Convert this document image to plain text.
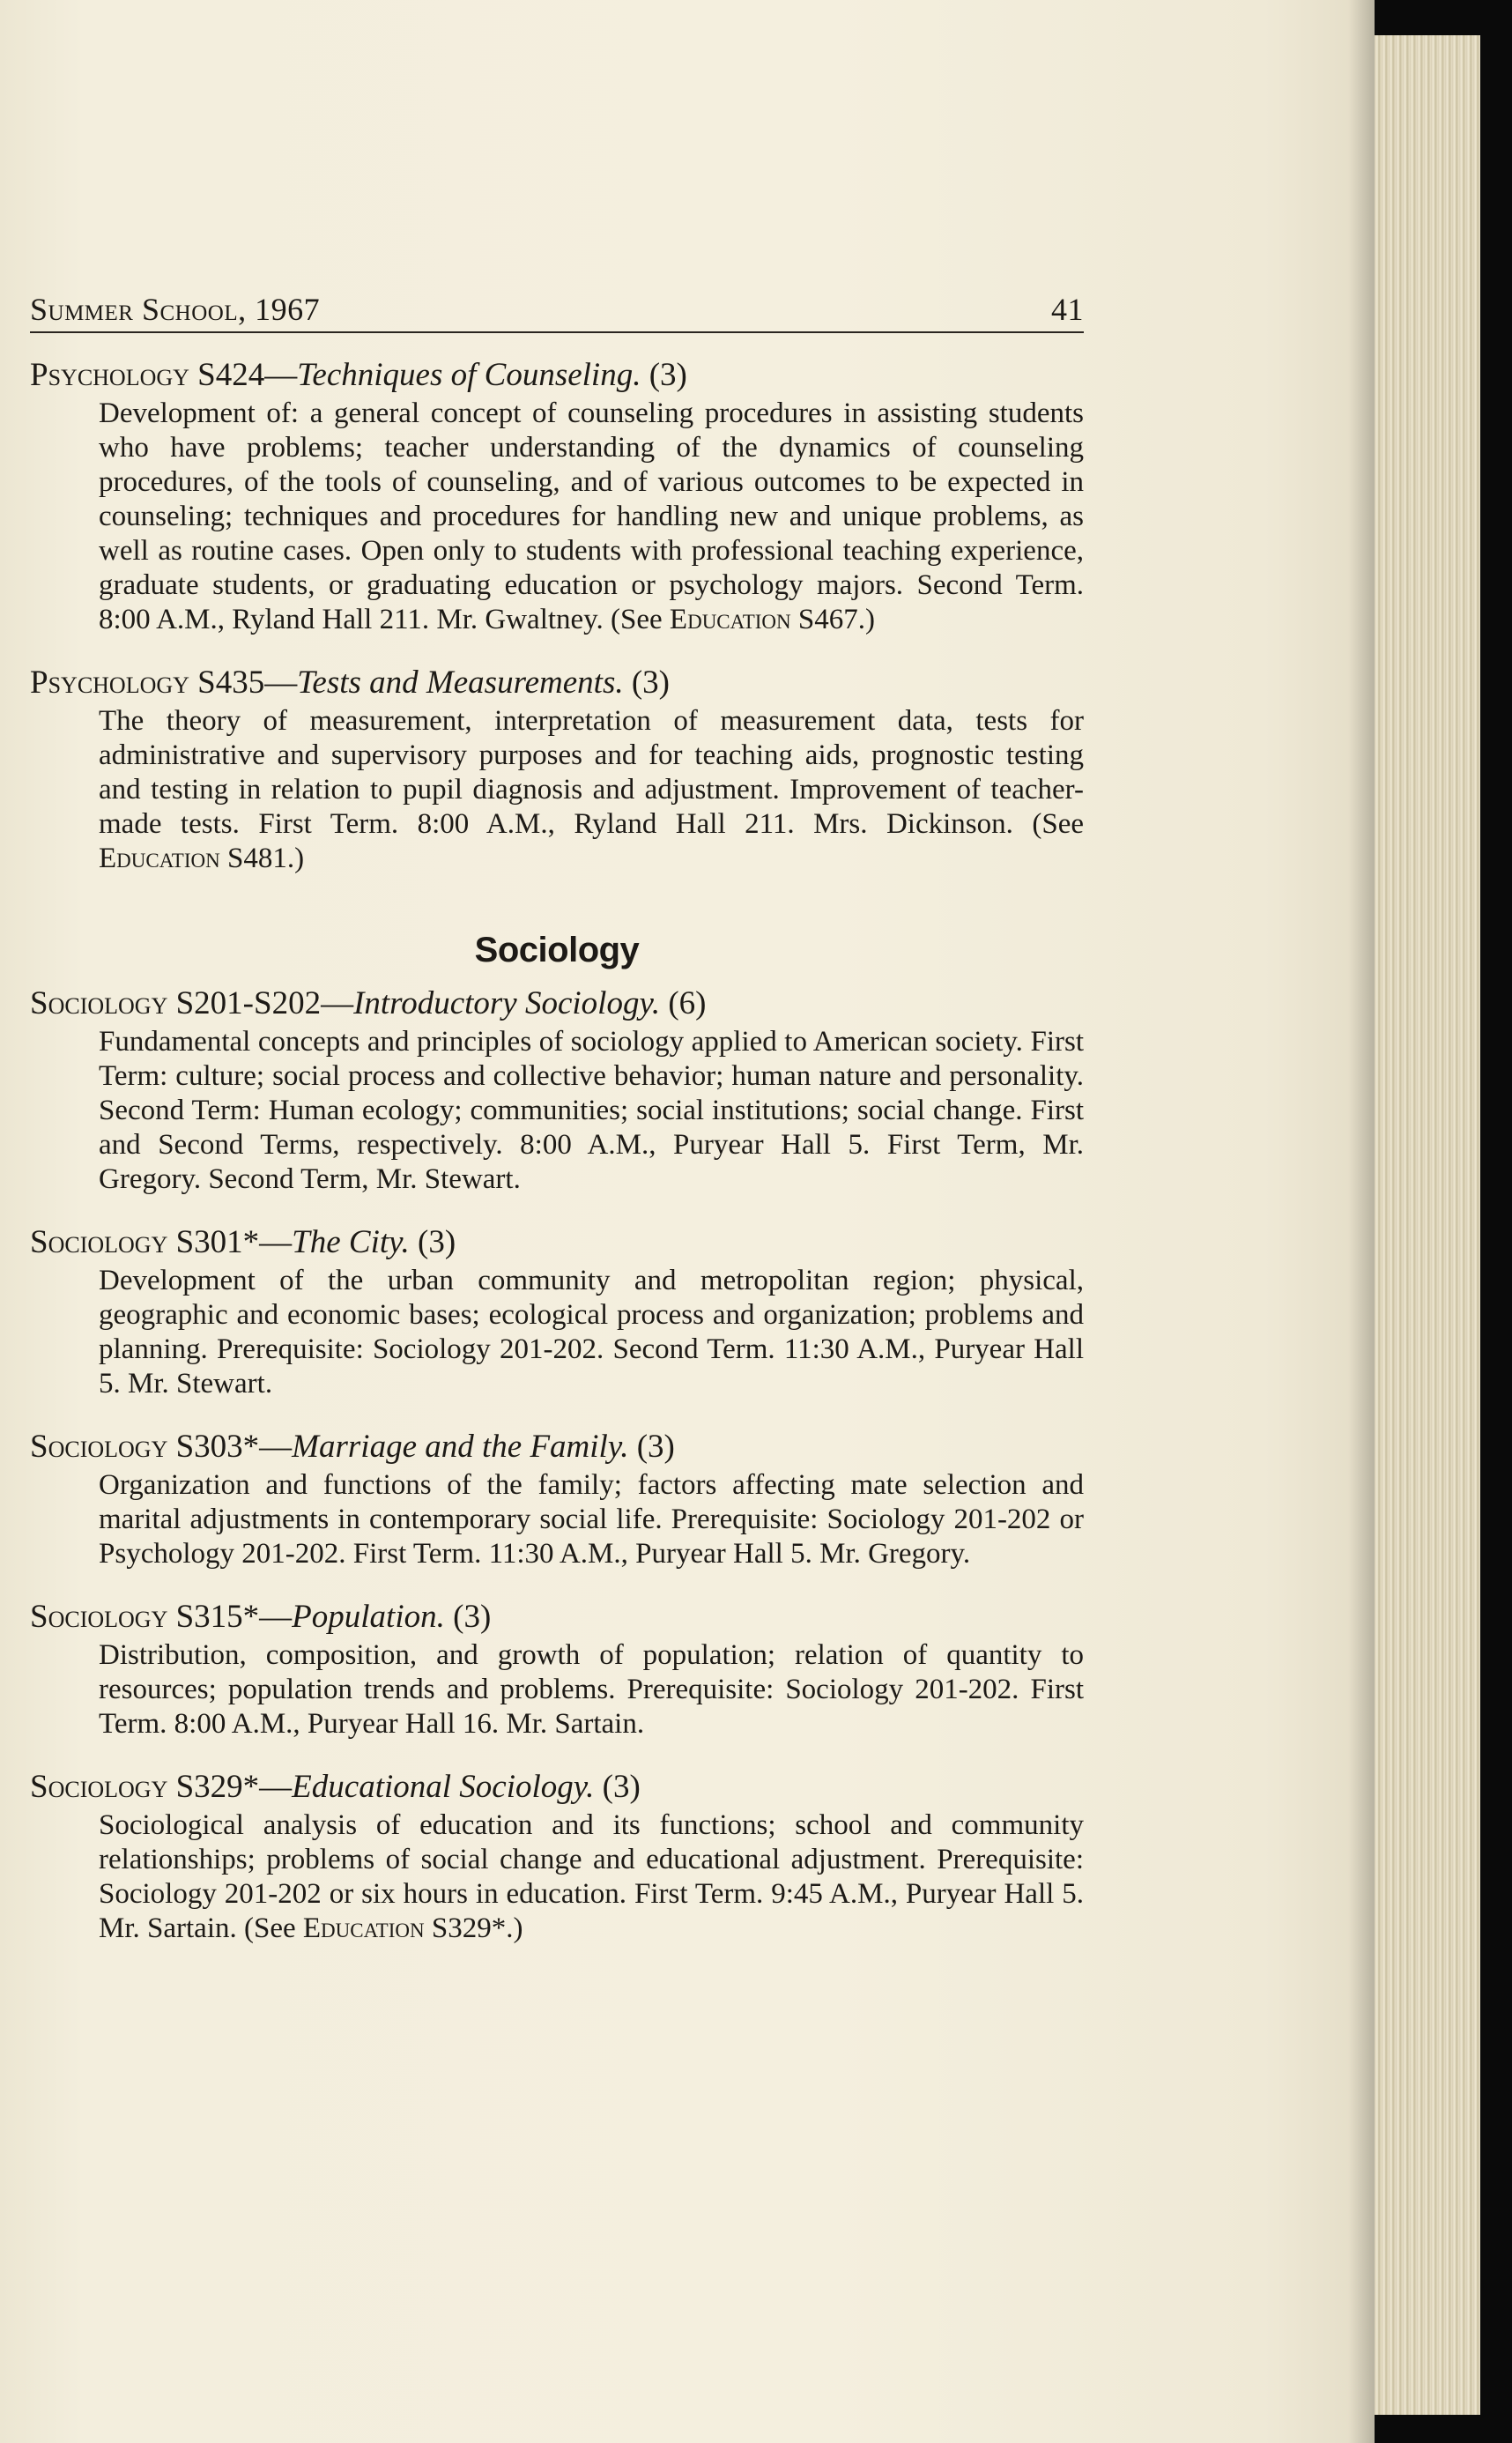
Summer School, 1967	41
Psychology S424—Techniques of Counseling. (3)
Development of: a general concept of counseling procedures in assisting students who have problems; teacher understanding of the dynamics of counseling procedures, of the tools of counseling, and of various outcomes to be expected in counseling; techniques and procedures for handling new and unique problems, as well as routine cases. Open only to students with professional teaching experience, graduate students, or graduating education or psychology majors. Second Term. 8:00 A.M., Ryland Hall 211. Mr. Gwaltney. (See Education S467.)
Psychology S435—Tests and Measurements. (3)
The theory of measurement, interpretation of measurement data, tests for administrative and supervisory purposes and for teaching aids, prognostic testing and testing in relation to pupil diagnosis and adjustment. Improvement of teacher-made tests. First Term. 8:00 A.M., Ryland Hall 211. Mrs. Dickinson. (See Education S481.)
Sociology
Sociology S201-S202—Introductory Sociology. (6)
Fundamental concepts and principles of sociology applied to American society. First Term: culture; social process and collective behavior; human nature and personality. Second Term: Human ecology; communities; social institutions; social change. First and Second Terms, respectively. 8:00 A.M., Puryear Hall 5. First Term, Mr. Gregory. Second Term, Mr. Stewart.
Sociology S301*—The City. (3)
Development of the urban community and metropolitan region; physical, geographic and economic bases; ecological process and organization; problems and planning. Prerequisite: Sociology 201-202. Second Term. 11:30 A.M., Puryear Hall 5. Mr. Stewart.
Sociology S303*—Marriage and the Family. (3)
Organization and functions of the family; factors affecting mate selection and marital adjustments in contemporary social life. Prerequisite: Sociology 201-202 or Psychology 201-202. First Term. 11:30 A.M., Puryear Hall 5. Mr. Gregory.
Sociology S315*—Population. (3)
Distribution, composition, and growth of population; relation of quantity to resources; population trends and problems. Prerequisite: Sociology 201-202. First Term. 8:00 A.M., Puryear Hall 16. Mr. Sartain.
Sociology S329*—Educational Sociology. (3)
Sociological analysis of education and its functions; school and community relationships; problems of social change and educational adjustment. Prerequisite: Sociology 201-202 or six hours in education. First Term. 9:45 A.M., Puryear Hall 5. Mr. Sartain. (See Education S329*.)
